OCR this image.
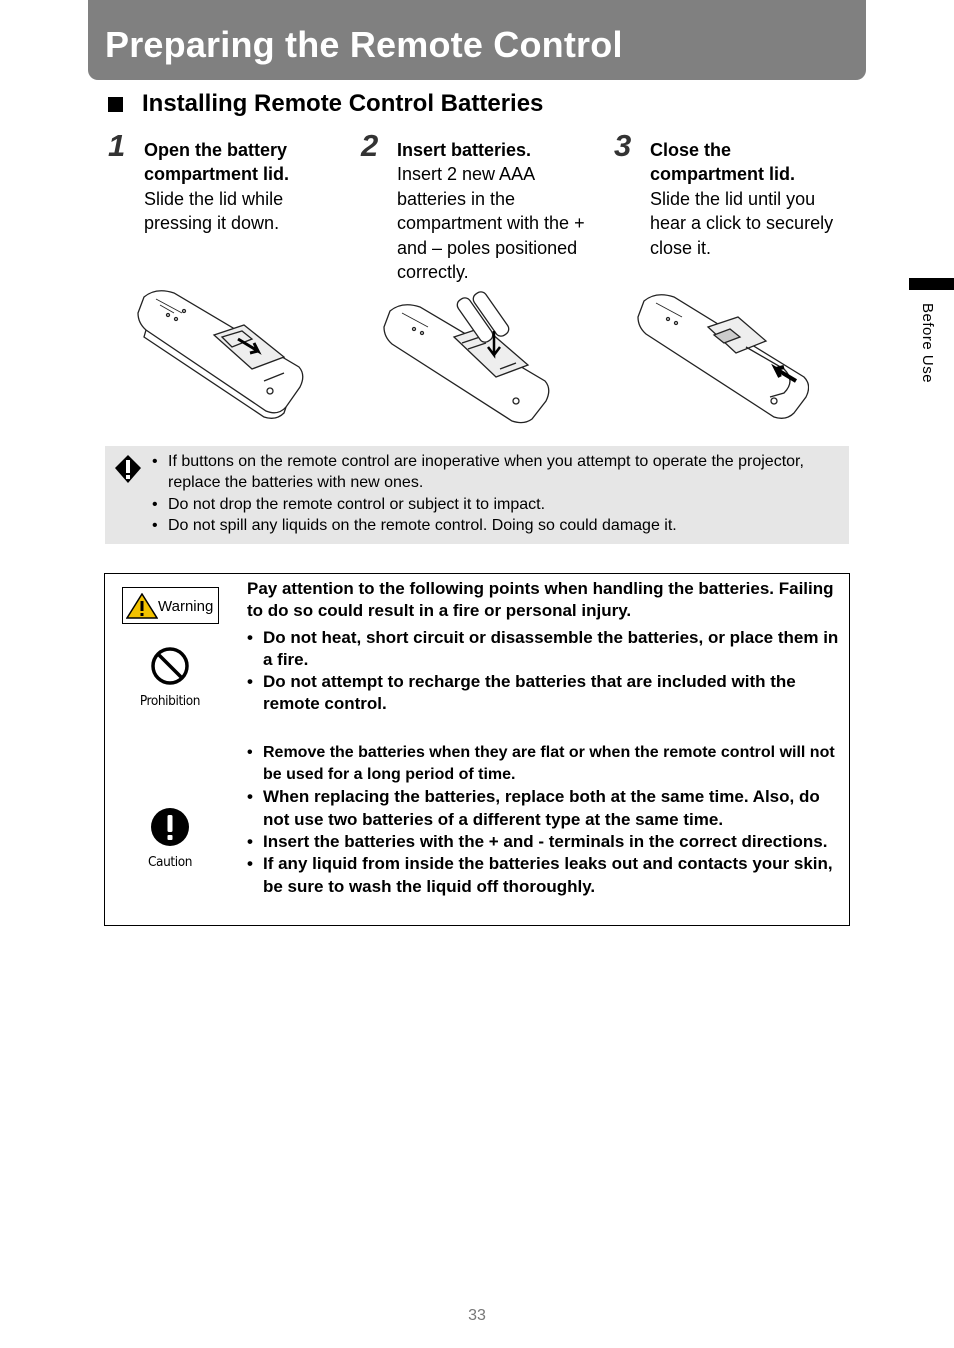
Preparing the Remote Control
Installing Remote Control Batteries
1 Open the battery compartment lid.
Slide the lid while pressing it down.
2 Insert batteries.
Insert 2 new AAA batteries in the compartment with the + and – poles positioned correctly.
3 Close the compartment lid.
Slide the lid until you hear a click to securely close it.
• If buttons on the remote control are inoperative when you attempt to operate the projector, replace the batteries with new ones.
• Do not drop the remote control or subject it to impact.
• Do not spill any liquids on the remote control. Doing so could damage it.
Warning
Prohibition
Caution

Pay attention to the following points when handling the batteries. Failing to do so could result in a fire or personal injury.

• Do not heat, short circuit or disassemble the batteries, or place them in a fire.
• Do not attempt to recharge the batteries that are included with the remote control.
• Remove the batteries when they are flat or when the remote control will not be used for a long period of time.
• When replacing the batteries, replace both at the same time. Also, do not use two batteries of a different type at the same time.
• Insert the batteries with the + and - terminals in the correct directions.
• If any liquid from inside the batteries leaks out and contacts your skin, be sure to wash the liquid off thoroughly.
Before Use
33
